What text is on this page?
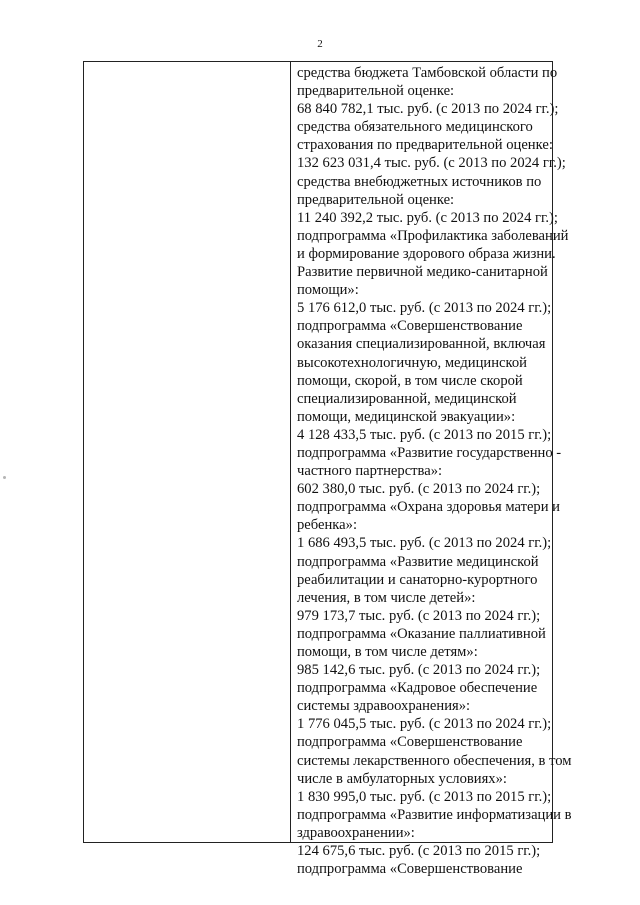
2
средства бюджета Тамбовской области по
предварительной оценке:
68 840 782,1 тыс. руб. (с 2013 по 2024 гг.);
средства обязательного медицинского
страхования по предварительной оценке:
132 623 031,4 тыс. руб. (с 2013 по 2024 гг.);
средства внебюджетных источников по
предварительной оценке:
11 240 392,2 тыс. руб. (с 2013 по 2024 гг.);
подпрограмма «Профилактика заболеваний
и формирование здорового образа жизни.
Развитие первичной медико-санитарной
помощи»:
5 176 612,0 тыс. руб. (с 2013 по 2024 гг.);
подпрограмма «Совершенствование
оказания специализированной, включая
высокотехнологичную, медицинской
помощи, скорой, в том числе скорой
специализированной, медицинской
помощи, медицинской эвакуации»:
4 128 433,5 тыс. руб. (с 2013 по 2015 гг.);
подпрограмма «Развитие государственно -
частного партнерства»:
602 380,0 тыс. руб. (с 2013 по 2024 гг.);
подпрограмма «Охрана здоровья матери и
ребенка»:
1 686 493,5 тыс. руб. (с 2013 по 2024 гг.);
подпрограмма «Развитие медицинской
реабилитации и санаторно-курортного
лечения, в том числе детей»:
979 173,7 тыс. руб. (с 2013 по 2024 гг.);
подпрограмма «Оказание паллиативной
помощи, в том числе детям»:
985 142,6 тыс. руб. (с 2013 по 2024 гг.);
подпрограмма «Кадровое обеспечение
системы здравоохранения»:
1 776 045,5 тыс. руб. (с 2013 по 2024 гг.);
подпрограмма «Совершенствование
системы лекарственного обеспечения, в том
числе в амбулаторных условиях»:
1 830 995,0 тыс. руб. (с 2013 по 2015 гг.);
подпрограмма «Развитие информатизации в
здравоохранении»:
124 675,6 тыс. руб. (с 2013 по 2015 гг.);
подпрограмма «Совершенствование
